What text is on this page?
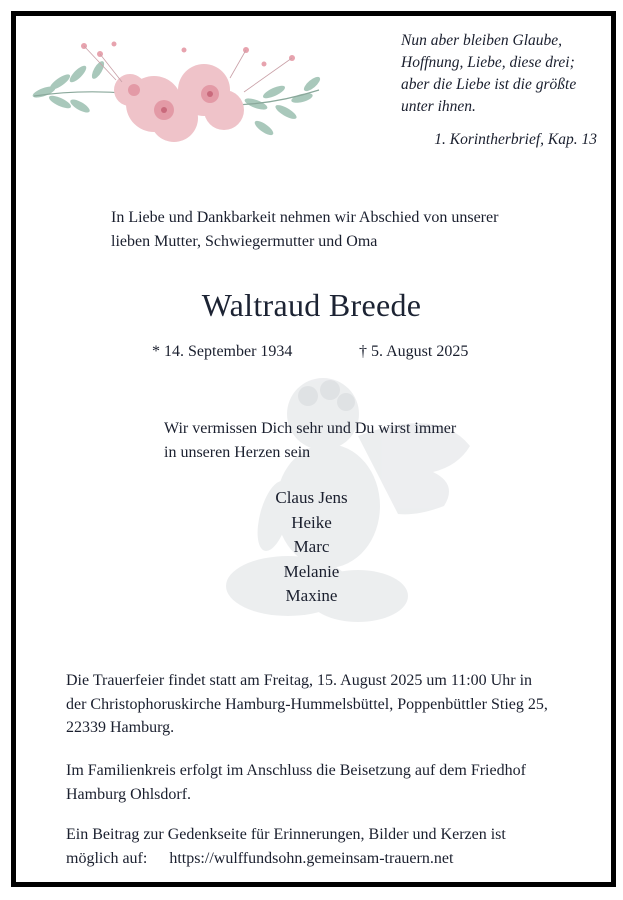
Nun aber bleiben Glaube,
Hoffnung, Liebe, diese drei;
aber die Liebe ist die größte
unter ihnen.
1. Korintherbrief, Kap. 13
In Liebe und Dankbarkeit nehmen wir Abschied von unserer
lieben Mutter, Schwiegermutter und Oma
Waltraud Breede
* 14. September 1934	† 5. August 2025
Wir vermissen Dich sehr und Du wirst immer
in unseren Herzen sein
Claus Jens
Heike
Marc
Melanie
Maxine
Die Trauerfeier findet statt am Freitag, 15. August 2025 um 11:00 Uhr in
der Christophoruskirche Hamburg-Hummelsbüttel, Poppenbüttler Stieg 25,
22339 Hamburg.
Im Familienkreis erfolgt im Anschluss die Beisetzung auf dem Friedhof
Hamburg Ohlsdorf.
Ein Beitrag zur Gedenkseite für Erinnerungen, Bilder und Kerzen ist
möglich auf: https://wulffundsohn.gemeinsam-trauern.net
